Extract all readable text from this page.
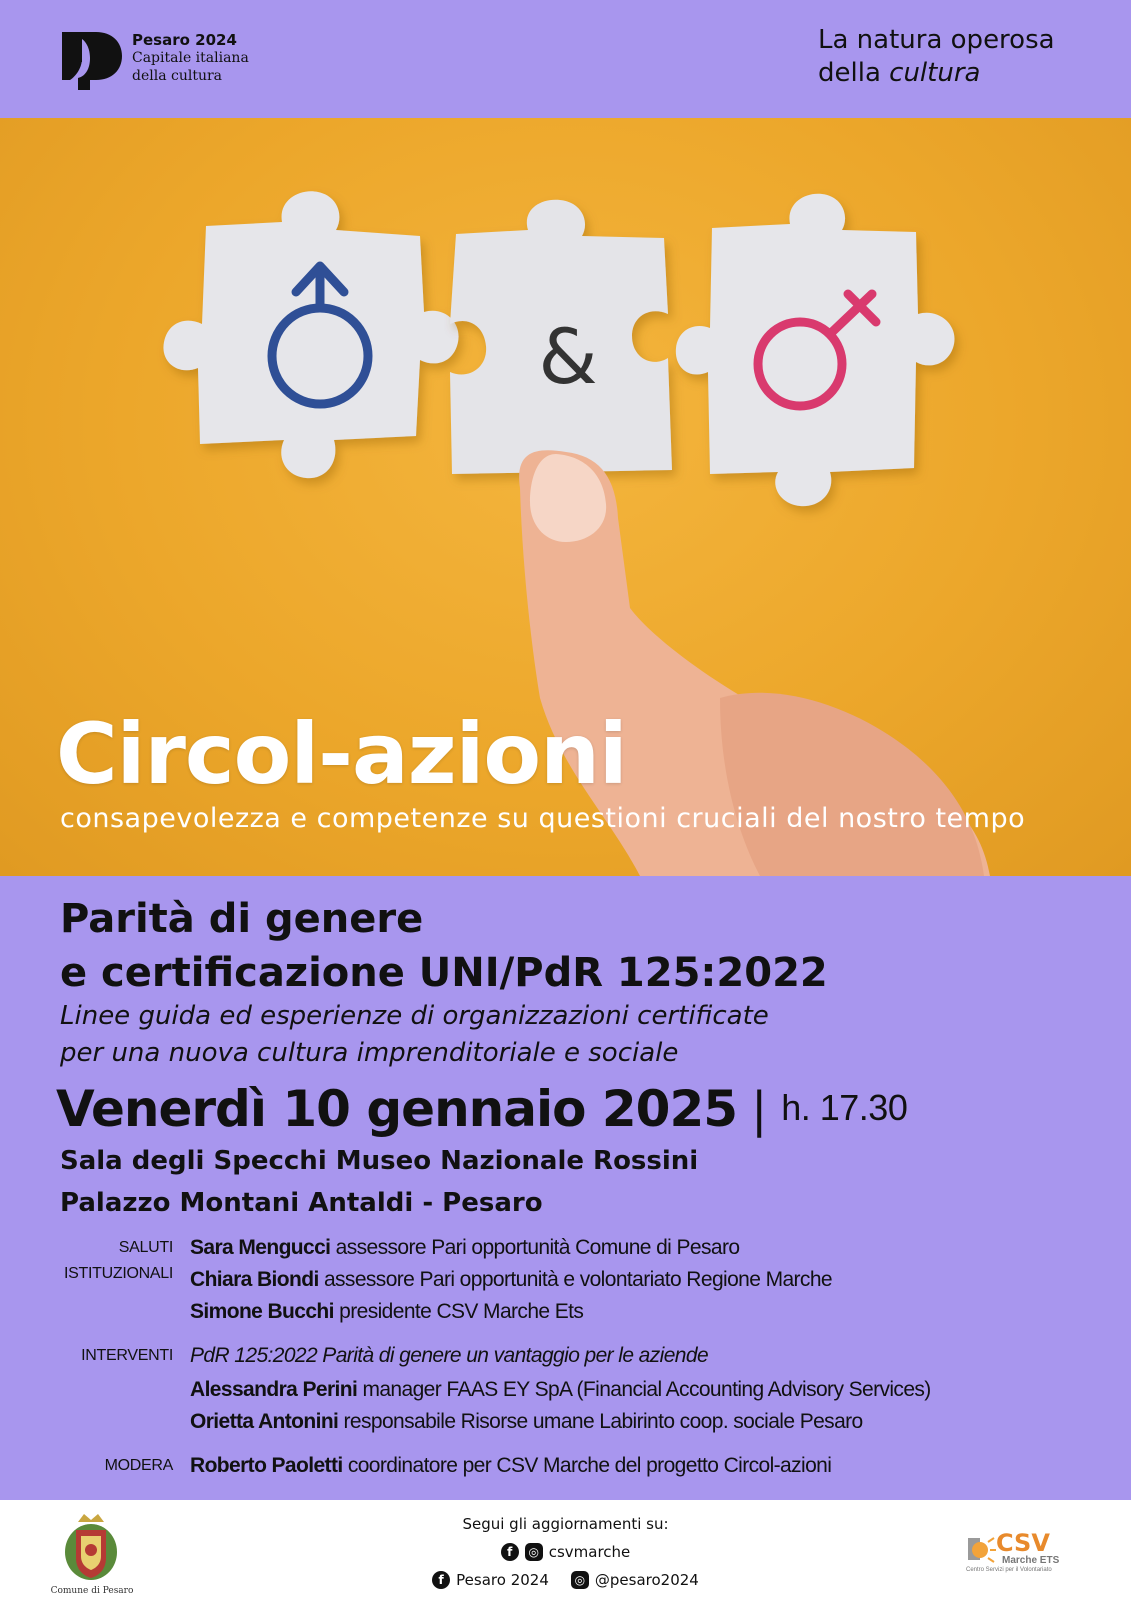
Pesaro 2024
Capitale italiana
della cultura
La natura operosa
della cultura
&
Circol-azioni
consapevolezza e competenze su questioni cruciali del nostro tempo
Parità di genere
e certificazione UNI/PdR 125:2022
Linee guida ed esperienze di organizzazioni certificate
per una nuova cultura imprenditoriale e sociale
Venerdì 10 gennaio 2025 | h. 17.30
Sala degli Specchi Museo Nazionale Rossini
Palazzo Montani Antaldi - Pesaro
SALUTI
ISTITUZIONALI
Sara Mengucci assessore Pari opportunità Comune di Pesaro
Chiara Biondi assessore Pari opportunità e volontariato Regione Marche
Simone Bucchi presidente CSV Marche Ets
INTERVENTI PdR 125:2022 Parità di genere un vantaggio per le aziende
Alessandra Perini manager FAAS EY SpA (Financial Accounting Advisory Services)
Orietta Antonini responsabile Risorse umane Labirinto coop. sociale Pesaro
MODERA Roberto Paoletti coordinatore per CSV Marche del progetto Circol-azioni
Comune di Pesaro
Segui gli aggiornamenti su:
f	◎ csvmarche
f Pesaro 2024	◎ @pesaro2024
CSV
Marche ETS
Centro Servizi per il Volontariato
